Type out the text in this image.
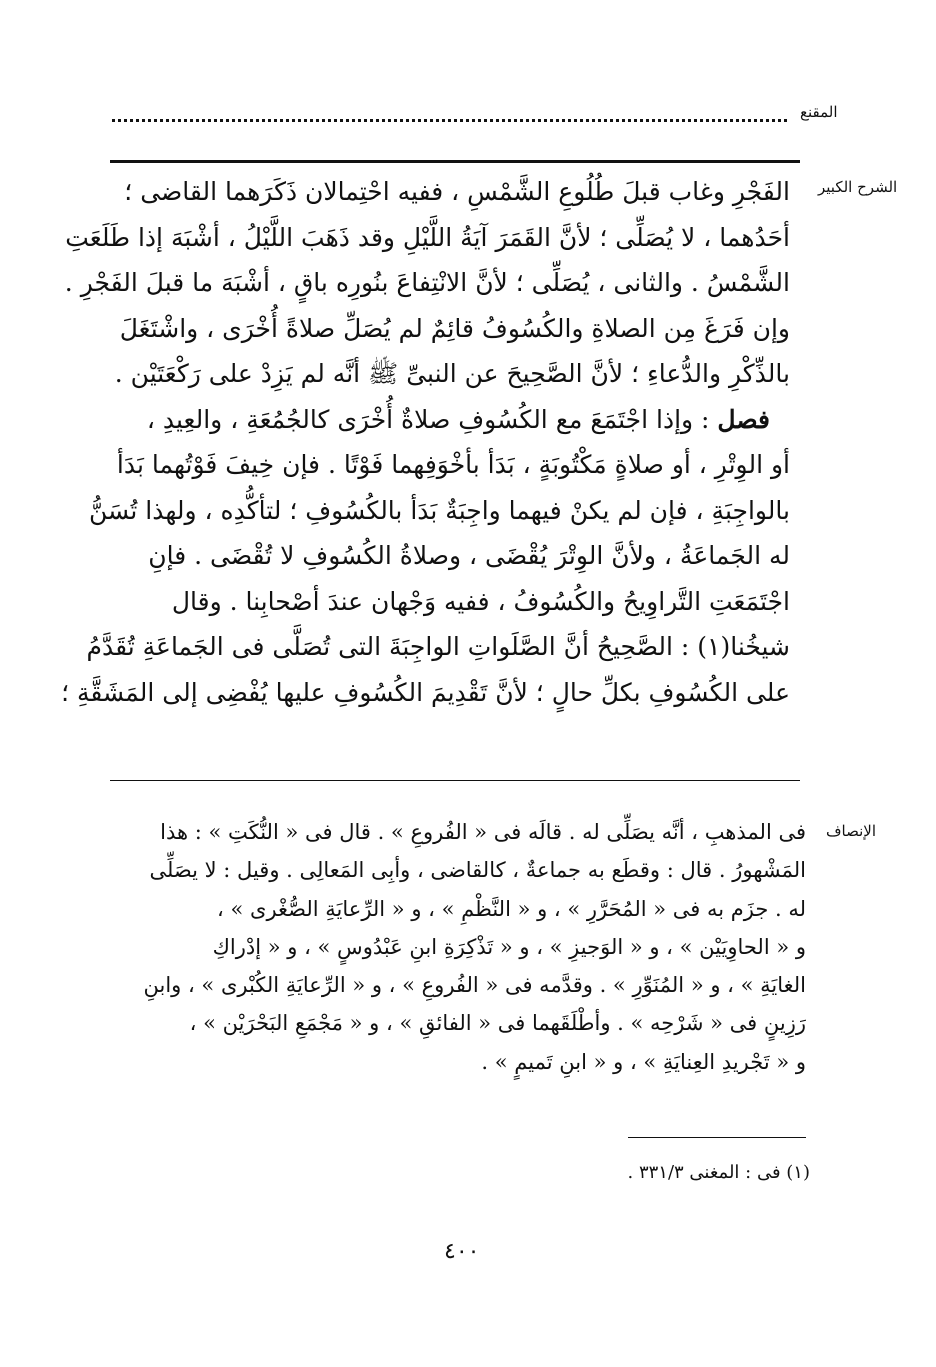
المقنع
الشرح الكبير

الفَجْرِ وغاب قبلَ طُلُوعِ الشَّمْسِ ، ففيه احْتِمالان ذَكَرَهما القاضى ؛

أحَدُهما ، لا يُصَلِّى ؛ لأنَّ القَمَرَ آيَةُ اللَّيْلِ وقد ذَهَبَ اللَّيْلُ ، أشْبَهَ إذا طَلَعَتِ

الشَّمْسُ . والثانى ، يُصَلِّى ؛ لأنَّ الانْتِفاعَ بنُورِه باقٍ ، أشْبَهَ ما قبلَ الفَجْرِ .

وإن فَرَغَ مِن الصلاةِ والكُسُوفُ قائِمٌ لم يُصَلِّ صلاةً أُخْرَى ، واشْتَغَلَ

بالذِّكْرِ والدُّعاءِ ؛ لأنَّ الصَّحِيحَ عن النبىِّ ﷺ أنَّه لم يَزِدْ على رَكْعَتَيْن .

فصل : وإذا اجْتَمَعَ مع الكُسُوفِ صلاةٌ أُخْرَى كالجُمُعَةِ ، والعِيدِ ،

أو الوِتْرِ ، أو صلاةٍ مَكْتُوبَةٍ ، بَدَأ بأخْوَفِهما فَوْتًا . فإن خِيفَ فَوْتُهما بَدَأ

بالواجِبَةِ ، فإن لم يكنْ فيهما واجِبَةٌ بَدَأ بالكُسُوفِ ؛ لتأكُّدِه ، ولهذا تُسَنُّ

له الجَماعَةُ ، ولأنَّ الوِتْرَ يُقْضَى ، وصلاةُ الكُسُوفِ لا تُقْضَى . فإنِ

اجْتَمَعَتِ التَّراوِيحُ والكُسُوفُ ، ففيه وَجْهان عندَ أصْحابِنا . وقال

شيخُنا(١) : الصَّحِيحُ أنَّ الصَّلَواتِ الواجِبَةَ التى تُصَلَّى فى الجَماعَةِ تُقَدَّمُ

على الكُسُوفِ بكلِّ حالٍ ؛ لأنَّ تَقْدِيمَ الكُسُوفِ عليها يُفْضِى إلى المَشَقَّةِ ؛

الإنصاف

فى المذهبِ ، أنَّه يصَلِّى له . قالَه فى « الفُروعِ » . قال فى « النُّكَتِ » : هذا

المَشْهورُ . قال : وقطَع به جماعةٌ ، كالقاضى ، وأبِى المَعالِى . وقيل : لا يصَلِّى

له . جزَم به فى « المُحَرَّرِ » ، و « النَّظْمِ » ، و « الرِّعايَةِ الصُّغْرى » ،

و « الحاوِيَيْن » ، و « الوَجيزِ » ، و « تَذْكِرَةِ ابنِ عَبْدُوسٍ » ، و « إدْراكِ

الغايَةِ » ، و « المُنَوِّرِ » . وقدَّمه فى « الفُروعِ » ، و « الرِّعايَةِ الكُبْرى » ، وابنِ

رَزِينٍ فى « شَرْحِه » . وأطْلَقَهما فى « الفائقِ » ، و « مَجْمَعِ البَحْرَيْن » ،

و « تَجْريدِ العِنايَةِ » ، و « ابنِ تَميمٍ » .

(١) فى : المغنى ٣٣١/٣ .
٤٠٠
